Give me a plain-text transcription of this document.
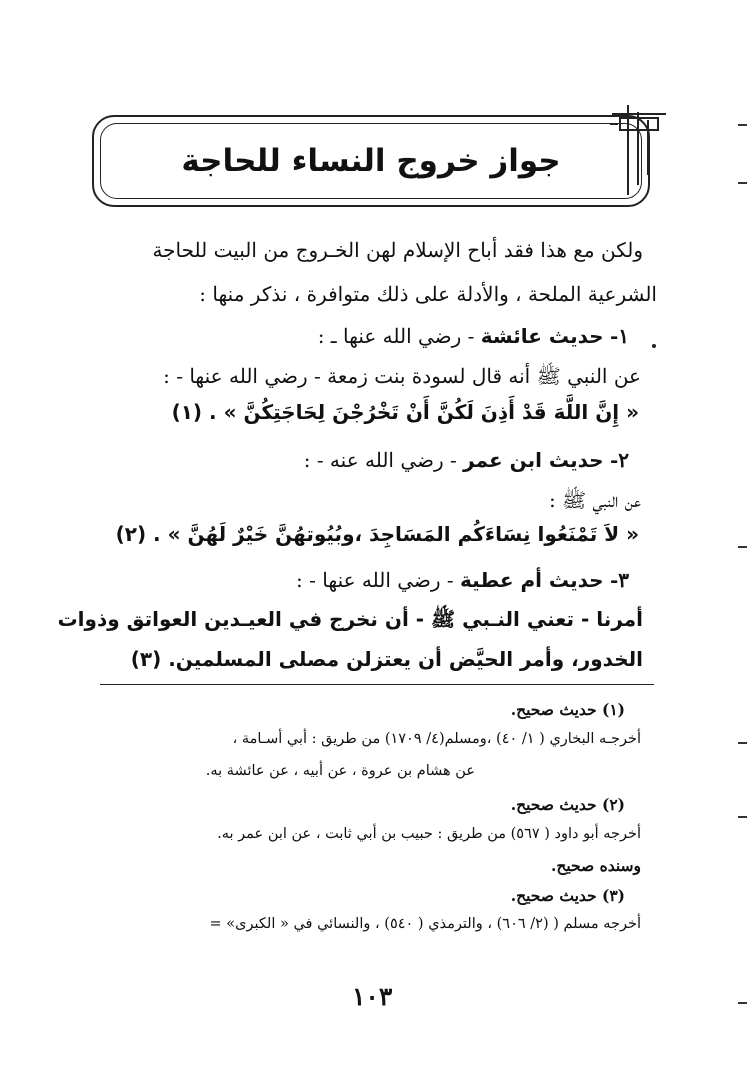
جواز خروج النساء للحاجة
ولكن مع هذا فقد أباح الإسلام لهن الخـروج من البيت للحاجة
الشرعية الملحة ، والأدلة على ذلك متوافرة ، نذكر منها :
١- حديث عائشة - رضي الله عنها ـ :
عن النبي ﷺ أنه قال لسودة بنت زمعة - رضي الله عنها - :
« إِنَّ اللَّهَ قَدْ أَذِنَ لَكُنَّ أَنْ تَخْرُجْنَ لِحَاجَتِكُنَّ » . (١)
٢- حديث ابن عمر - رضي الله عنه - :
عن النبي ﷺ :
« لاَ تَمْنَعُوا نِسَاءَكُم المَسَاجِدَ ،وبُيُوتهُنَّ خَيْرٌ لَهُنَّ » . (٢)
٣- حديث أم عطية - رضي الله عنها - :
أمرنا - تعني النـبي ﷺ - أن نخرج في العيـدين العواتق وذوات
الخدور، وأمر الحيَّض أن يعتزلن مصلى المسلمين. (٣)
(١) حديث صحيح.
أخرجـه البخاري ( ١/ ٤٠) ،ومسلم(٤/ ١٧٠٩) من طريق : أبي أسـامة ،
عن هشام بن عروة ، عن أبيه ، عن عائشة به.
(٢) حديث صحيح.
أخرجه أبو داود ( ٥٦٧) من طريق : حبيب بن أبي ثابت ، عن ابن عمر به.
وسنده صحيح.
(٣) حديث صحيح.
أخرجه مسلم ( (٢/ ٦٠٦) ، والترمذي ( ٥٤٠) ، والنسائي في « الكبرى» =
١٠٣
